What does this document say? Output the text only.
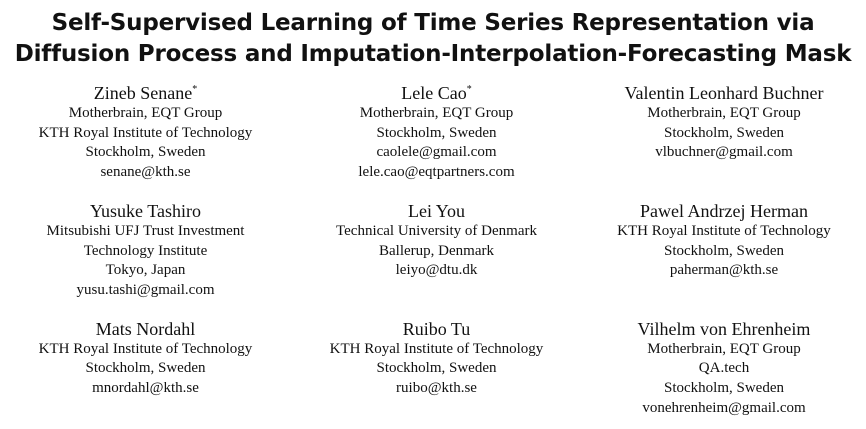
Self-Supervised Learning of Time Series Representation via
Diffusion Process and Imputation-Interpolation-Forecasting Mask
Zineb Senane*
Motherbrain, EQT Group
KTH Royal Institute of Technology
Stockholm, Sweden
senane@kth.se
Lele Cao*
Motherbrain, EQT Group
Stockholm, Sweden
caolele@gmail.com
lele.cao@eqtpartners.com
Valentin Leonhard Buchner
Motherbrain, EQT Group
Stockholm, Sweden
vlbuchner@gmail.com
Yusuke Tashiro
Mitsubishi UFJ Trust Investment
Technology Institute
Tokyo, Japan
yusu.tashi@gmail.com
Lei You
Technical University of Denmark
Ballerup, Denmark
leiyo@dtu.dk
Pawel Andrzej Herman
KTH Royal Institute of Technology
Stockholm, Sweden
paherman@kth.se
Mats Nordahl
KTH Royal Institute of Technology
Stockholm, Sweden
mnordahl@kth.se
Ruibo Tu
KTH Royal Institute of Technology
Stockholm, Sweden
ruibo@kth.se
Vilhelm von Ehrenheim
Motherbrain, EQT Group
QA.tech
Stockholm, Sweden
vonehrenheim@gmail.com
